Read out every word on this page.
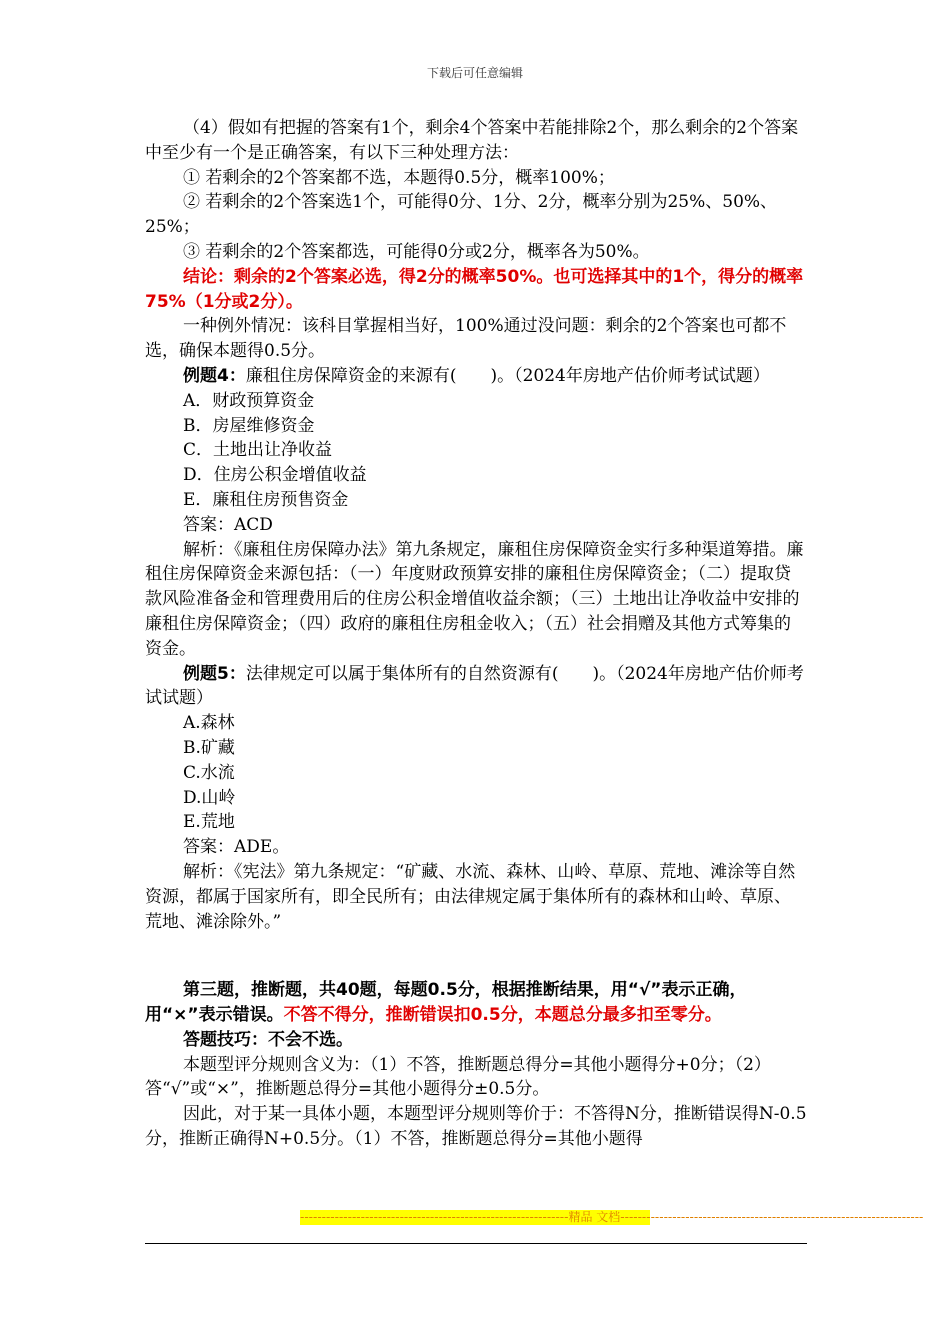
下载后可任意编辑

（4）假如有把握的答案有1个，剩余4个答案中若能排除2个，那么剩余的2个答案中至少有一个是正确答案，有以下三种处理方法：

① 若剩余的2个答案都不选，本题得0.5分，概率100%；

② 若剩余的2个答案选1个，可能得0分、1分、2分，概率分别为25%、50%、25%；

③ 若剩余的2个答案都选，可能得0分或2分，概率各为50%。

结论：剩余的2个答案必选，得2分的概率50%。也可选择其中的1个，得分的概率75%（1分或2分）。

一种例外情况：该科目掌握相当好，100%通过没问题：剩余的2个答案也可都不选，确保本题得0.5分。

例题4：廉租住房保障资金的来源有(　　)。（2024年房地产估价师考试试题）

A．财政预算资金

B．房屋维修资金

C．土地出让净收益

D．住房公积金增值收益

E．廉租住房预售资金

答案：ACD

解析：《廉租住房保障办法》第九条规定，廉租住房保障资金实行多种渠道筹措。廉租住房保障资金来源包括：（一）年度财政预算安排的廉租住房保障资金；（二）提取贷款风险准备金和管理费用后的住房公积金增值收益余额；（三）土地出让净收益中安排的廉租住房保障资金；（四）政府的廉租住房租金收入；（五）社会捐赠及其他方式筹集的资金。

例题5：法律规定可以属于集体所有的自然资源有(　　)。（2024年房地产估价师考试试题）

A.森林

B.矿藏

C.水流

D.山岭

E.荒地

答案：ADE。

解析：《宪法》第九条规定：“矿藏、水流、森林、山岭、草原、荒地、滩涂等自然资源，都属于国家所有，即全民所有；由法律规定属于集体所有的森林和山岭、草原、荒地、滩涂除外。”

第三题，推断题，共40题，每题0.5分，根据推断结果，用“√”表示正确，用“×”表示错误。不答不得分，推断错误扣0.5分，本题总分最多扣至零分。

答题技巧：不会不选。

本题型评分规则含义为：（1）不答，推断题总得分=其他小题得分+0分；（2）答“√”或“×”，推断题总得分=其他小题得分±0.5分。

因此，对于某一具体小题，本题型评分规则等价于：不答得N分，推断错误得N-0.5分，推断正确得N+0.5分。（1）不答，推断题总得分=其他小题得

--------------------------------------------------------------精品 文档----------------------------------------------------------------------
